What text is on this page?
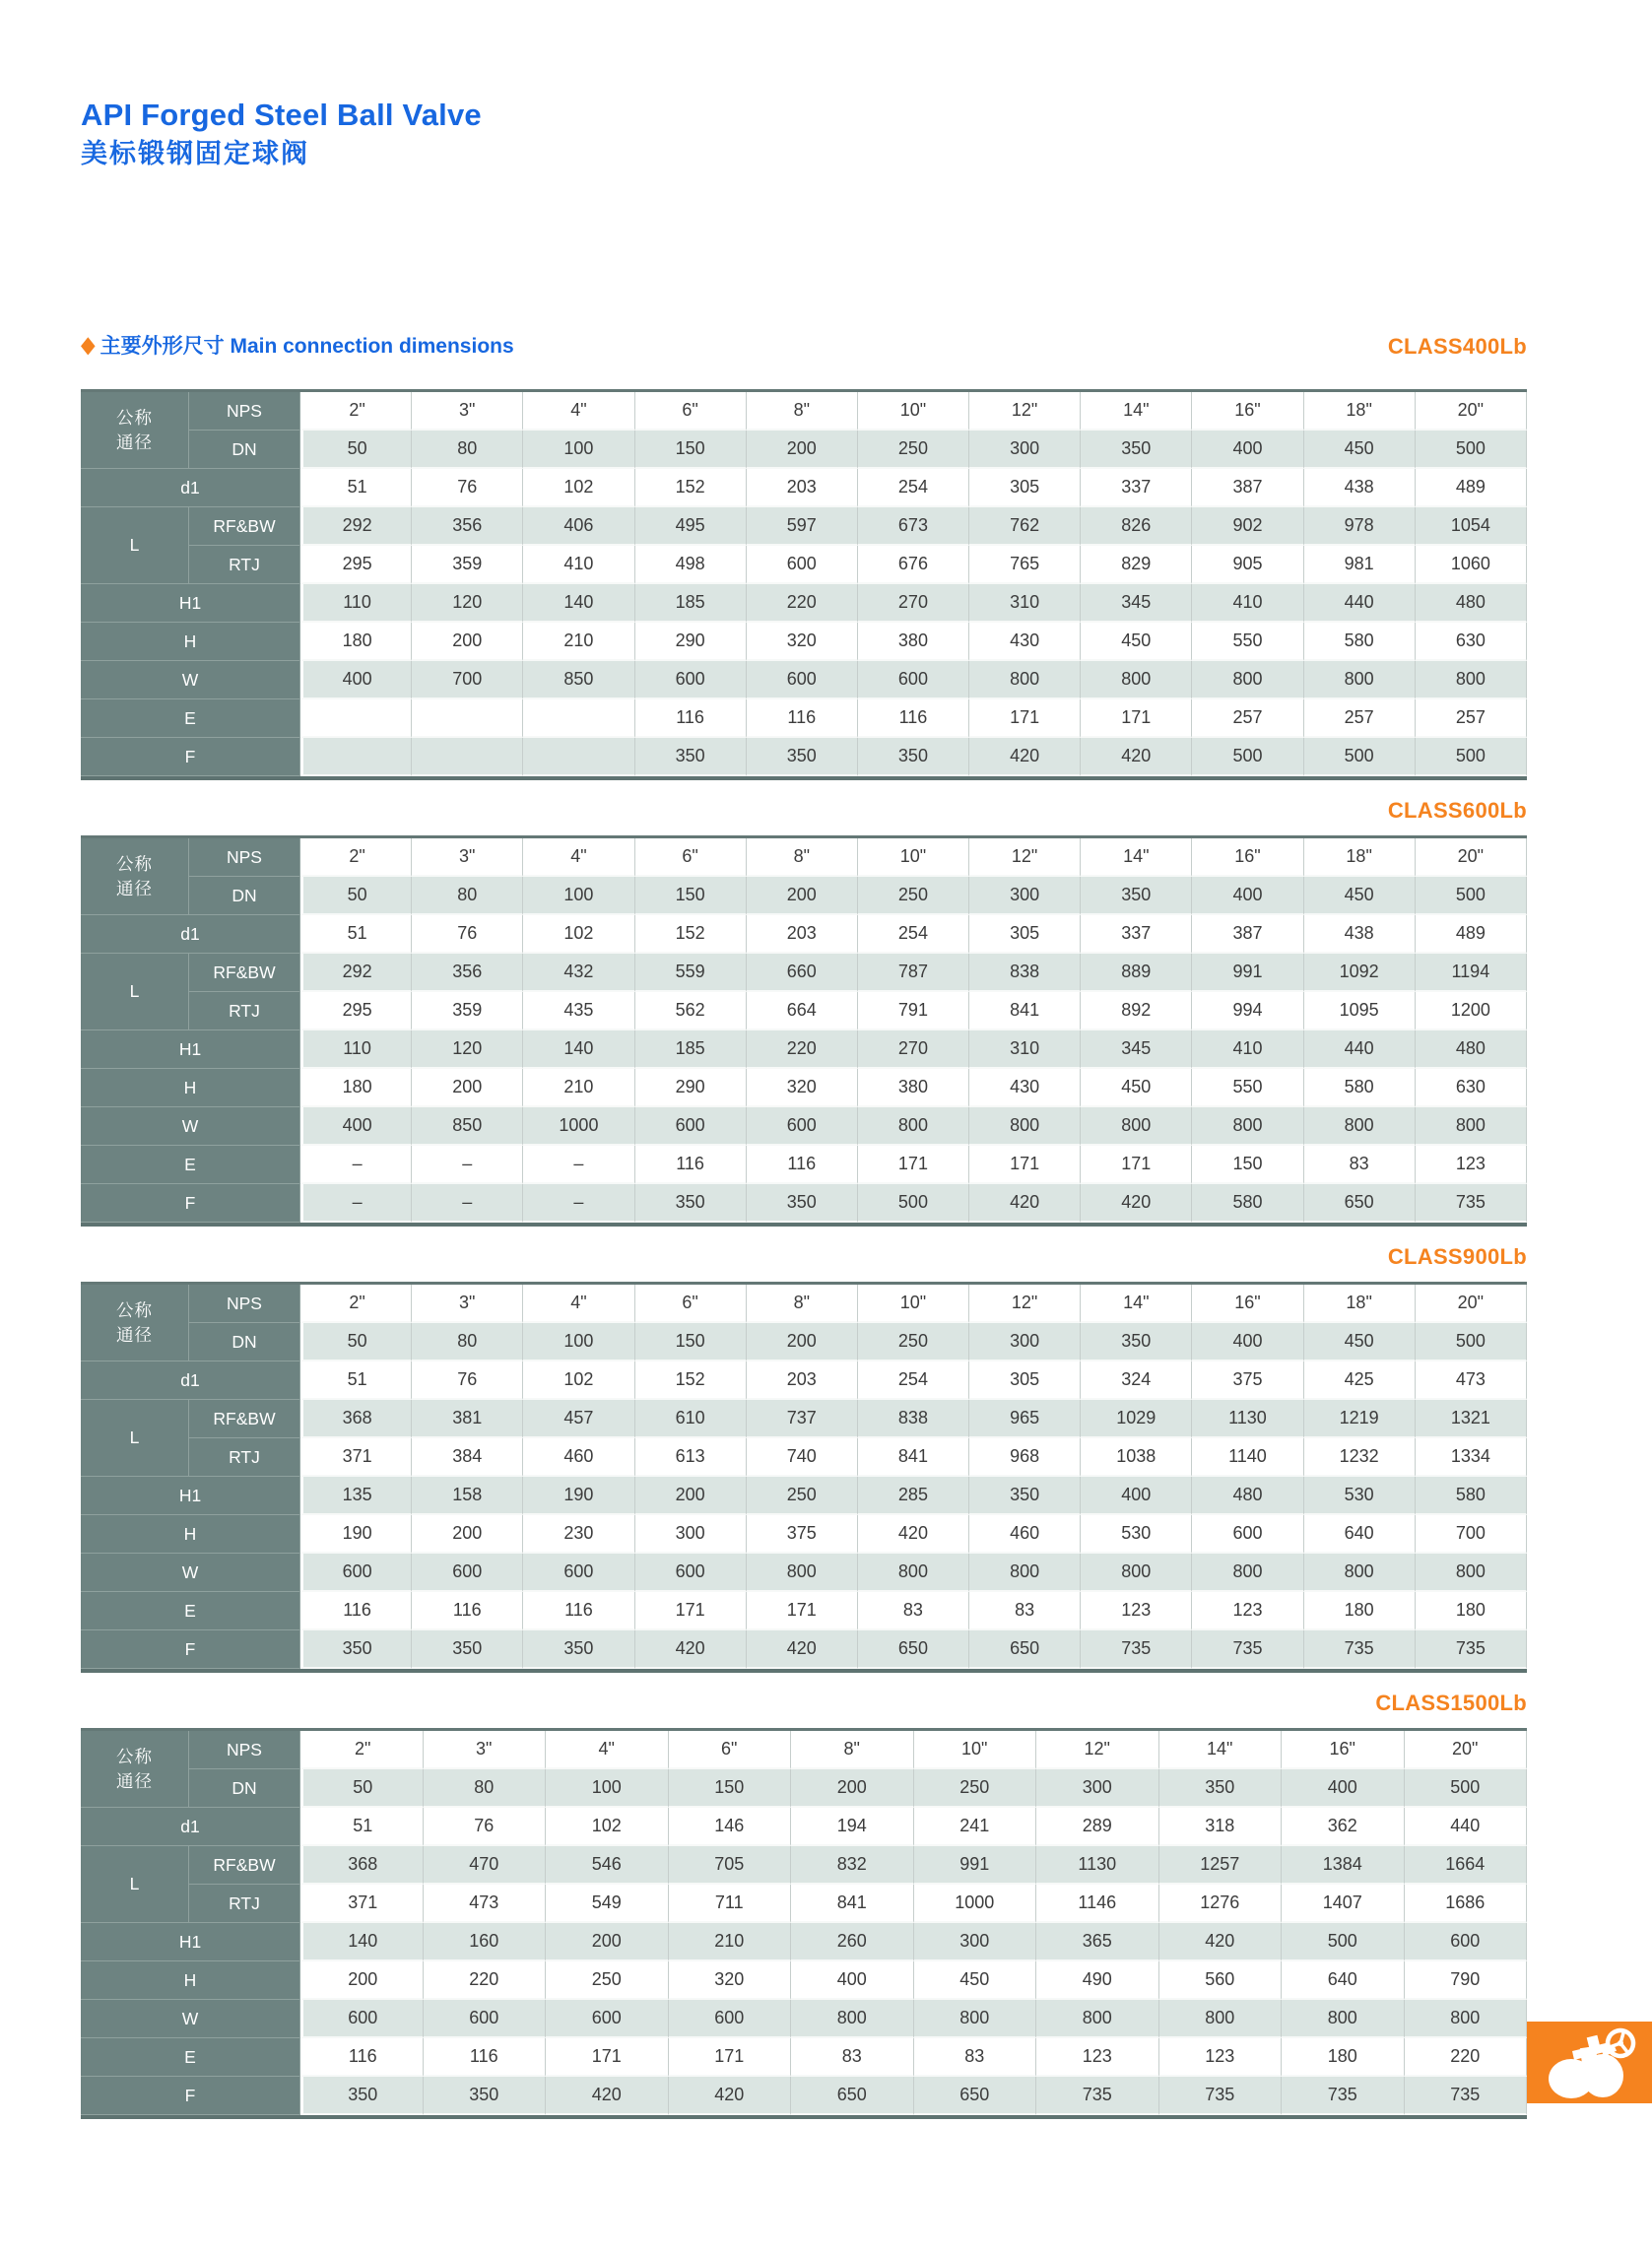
API Forged Steel Ball Valve
美标锻钢固定球阀
◆ 主要外形尺寸 Main connection dimensions	CLASS400Lb
公称通径	NPS	2"	3"	4"	6"	8"	10"	12"	14"	16"	18"	20"
	DN	50	80	100	150	200	250	300	350	400	450	500
d1		51	76	102	152	203	254	305	337	387	438	489
L	RF&BW	292	356	406	495	597	673	762	826	902	978	1054
	RTJ	295	359	410	498	600	676	765	829	905	981	1060
H1		110	120	140	185	220	270	310	345	410	440	480
H		180	200	210	290	320	380	430	450	550	580	630
W		400	700	850	600	600	600	800	800	800	800	800
E					116	116	116	171	171	257	257	257
F					350	350	350	420	420	500	500	500
CLASS600Lb
公称通径	NPS	2"	3"	4"	6"	8"	10"	12"	14"	16"	18"	20"
	DN	50	80	100	150	200	250	300	350	400	450	500
d1		51	76	102	152	203	254	305	337	387	438	489
L	RF&BW	292	356	432	559	660	787	838	889	991	1092	1194
	RTJ	295	359	435	562	664	791	841	892	994	1095	1200
H1		110	120	140	185	220	270	310	345	410	440	480
H		180	200	210	290	320	380	430	450	550	580	630
W		400	850	1000	600	600	800	800	800	800	800	800
E		–	–	–	116	116	171	171	171	150	83	123
F		–	–	–	350	350	500	420	420	580	650	735
CLASS900Lb
公称通径	NPS	2"	3"	4"	6"	8"	10"	12"	14"	16"	18"	20"
	DN	50	80	100	150	200	250	300	350	400	450	500
d1		51	76	102	152	203	254	305	324	375	425	473
L	RF&BW	368	381	457	610	737	838	965	1029	1130	1219	1321
	RTJ	371	384	460	613	740	841	968	1038	1140	1232	1334
H1		135	158	190	200	250	285	350	400	480	530	580
H		190	200	230	300	375	420	460	530	600	640	700
W		600	600	600	600	800	800	800	800	800	800	800
E		116	116	116	171	171	83	83	123	123	180	180
F		350	350	350	420	420	650	650	735	735	735	735
CLASS1500Lb
公称通径	NPS	2"	3"	4"	6"	8"	10"	12"	14"	16"	20"
	DN	50	80	100	150	200	250	300	350	400	500
d1		51	76	102	146	194	241	289	318	362	440
L	RF&BW	368	470	546	705	832	991	1130	1257	1384	1664
	RTJ	371	473	549	711	841	1000	1146	1276	1407	1686
H1		140	160	200	210	260	300	365	420	500	600
H		200	220	250	320	400	450	490	560	640	790
W		600	600	600	600	800	800	800	800	800	800
E		116	116	171	171	83	83	123	123	180	220
F		350	350	420	420	650	650	735	735	735	735
